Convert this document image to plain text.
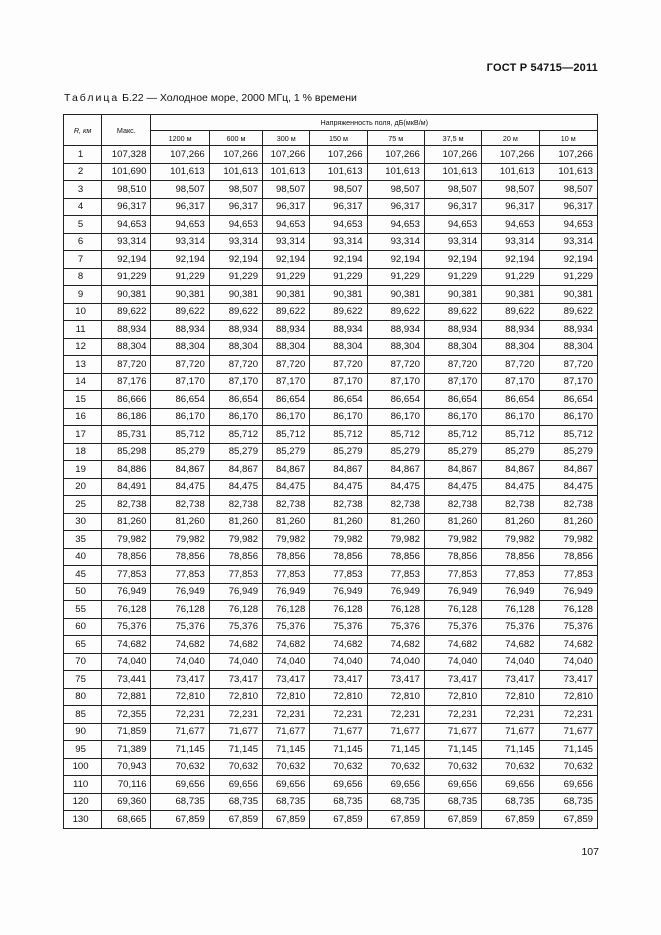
ГОСТ Р 54715—2011
Таблица Б.22 — Холодное море, 2000 МГц, 1 % времени
R, км	Макс.	Напряженность поля, дБ(мкВ/м)							
		1200 м	600 м	300 м	150 м	75 м	37,5 м	20 м	10 м
1	107,328	107,266	107,266	107,266	107,266	107,266	107,266	107,266	107,266
2	101,690	101,613	101,613	101,613	101,613	101,613	101,613	101,613	101,613
3	98,510	98,507	98,507	98,507	98,507	98,507	98,507	98,507	98,507
4	96,317	96,317	96,317	96,317	96,317	96,317	96,317	96,317	96,317
5	94,653	94,653	94,653	94,653	94,653	94,653	94,653	94,653	94,653
6	93,314	93,314	93,314	93,314	93,314	93,314	93,314	93,314	93,314
7	92,194	92,194	92,194	92,194	92,194	92,194	92,194	92,194	92,194
8	91,229	91,229	91,229	91,229	91,229	91,229	91,229	91,229	91,229
9	90,381	90,381	90,381	90,381	90,381	90,381	90,381	90,381	90,381
10	89,622	89,622	89,622	89,622	89,622	89,622	89,622	89,622	89,622
11	88,934	88,934	88,934	88,934	88,934	88,934	88,934	88,934	88,934
12	88,304	88,304	88,304	88,304	88,304	88,304	88,304	88,304	88,304
13	87,720	87,720	87,720	87,720	87,720	87,720	87,720	87,720	87,720
14	87,176	87,170	87,170	87,170	87,170	87,170	87,170	87,170	87,170
15	86,666	86,654	86,654	86,654	86,654	86,654	86,654	86,654	86,654
16	86,186	86,170	86,170	86,170	86,170	86,170	86,170	86,170	86,170
17	85,731	85,712	85,712	85,712	85,712	85,712	85,712	85,712	85,712
18	85,298	85,279	85,279	85,279	85,279	85,279	85,279	85,279	85,279
19	84,886	84,867	84,867	84,867	84,867	84,867	84,867	84,867	84,867
20	84,491	84,475	84,475	84,475	84,475	84,475	84,475	84,475	84,475
25	82,738	82,738	82,738	82,738	82,738	82,738	82,738	82,738	82,738
30	81,260	81,260	81,260	81,260	81,260	81,260	81,260	81,260	81,260
35	79,982	79,982	79,982	79,982	79,982	79,982	79,982	79,982	79,982
40	78,856	78,856	78,856	78,856	78,856	78,856	78,856	78,856	78,856
45	77,853	77,853	77,853	77,853	77,853	77,853	77,853	77,853	77,853
50	76,949	76,949	76,949	76,949	76,949	76,949	76,949	76,949	76,949
55	76,128	76,128	76,128	76,128	76,128	76,128	76,128	76,128	76,128
60	75,376	75,376	75,376	75,376	75,376	75,376	75,376	75,376	75,376
65	74,682	74,682	74,682	74,682	74,682	74,682	74,682	74,682	74,682
70	74,040	74,040	74,040	74,040	74,040	74,040	74,040	74,040	74,040
75	73,441	73,417	73,417	73,417	73,417	73,417	73,417	73,417	73,417
80	72,881	72,810	72,810	72,810	72,810	72,810	72,810	72,810	72,810
85	72,355	72,231	72,231	72,231	72,231	72,231	72,231	72,231	72,231
90	71,859	71,677	71,677	71,677	71,677	71,677	71,677	71,677	71,677
95	71,389	71,145	71,145	71,145	71,145	71,145	71,145	71,145	71,145
100	70,943	70,632	70,632	70,632	70,632	70,632	70,632	70,632	70,632
110	70,116	69,656	69,656	69,656	69,656	69,656	69,656	69,656	69,656
120	69,360	68,735	68,735	68,735	68,735	68,735	68,735	68,735	68,735
130	68,665	67,859	67,859	67,859	67,859	67,859	67,859	67,859	67,859
107
